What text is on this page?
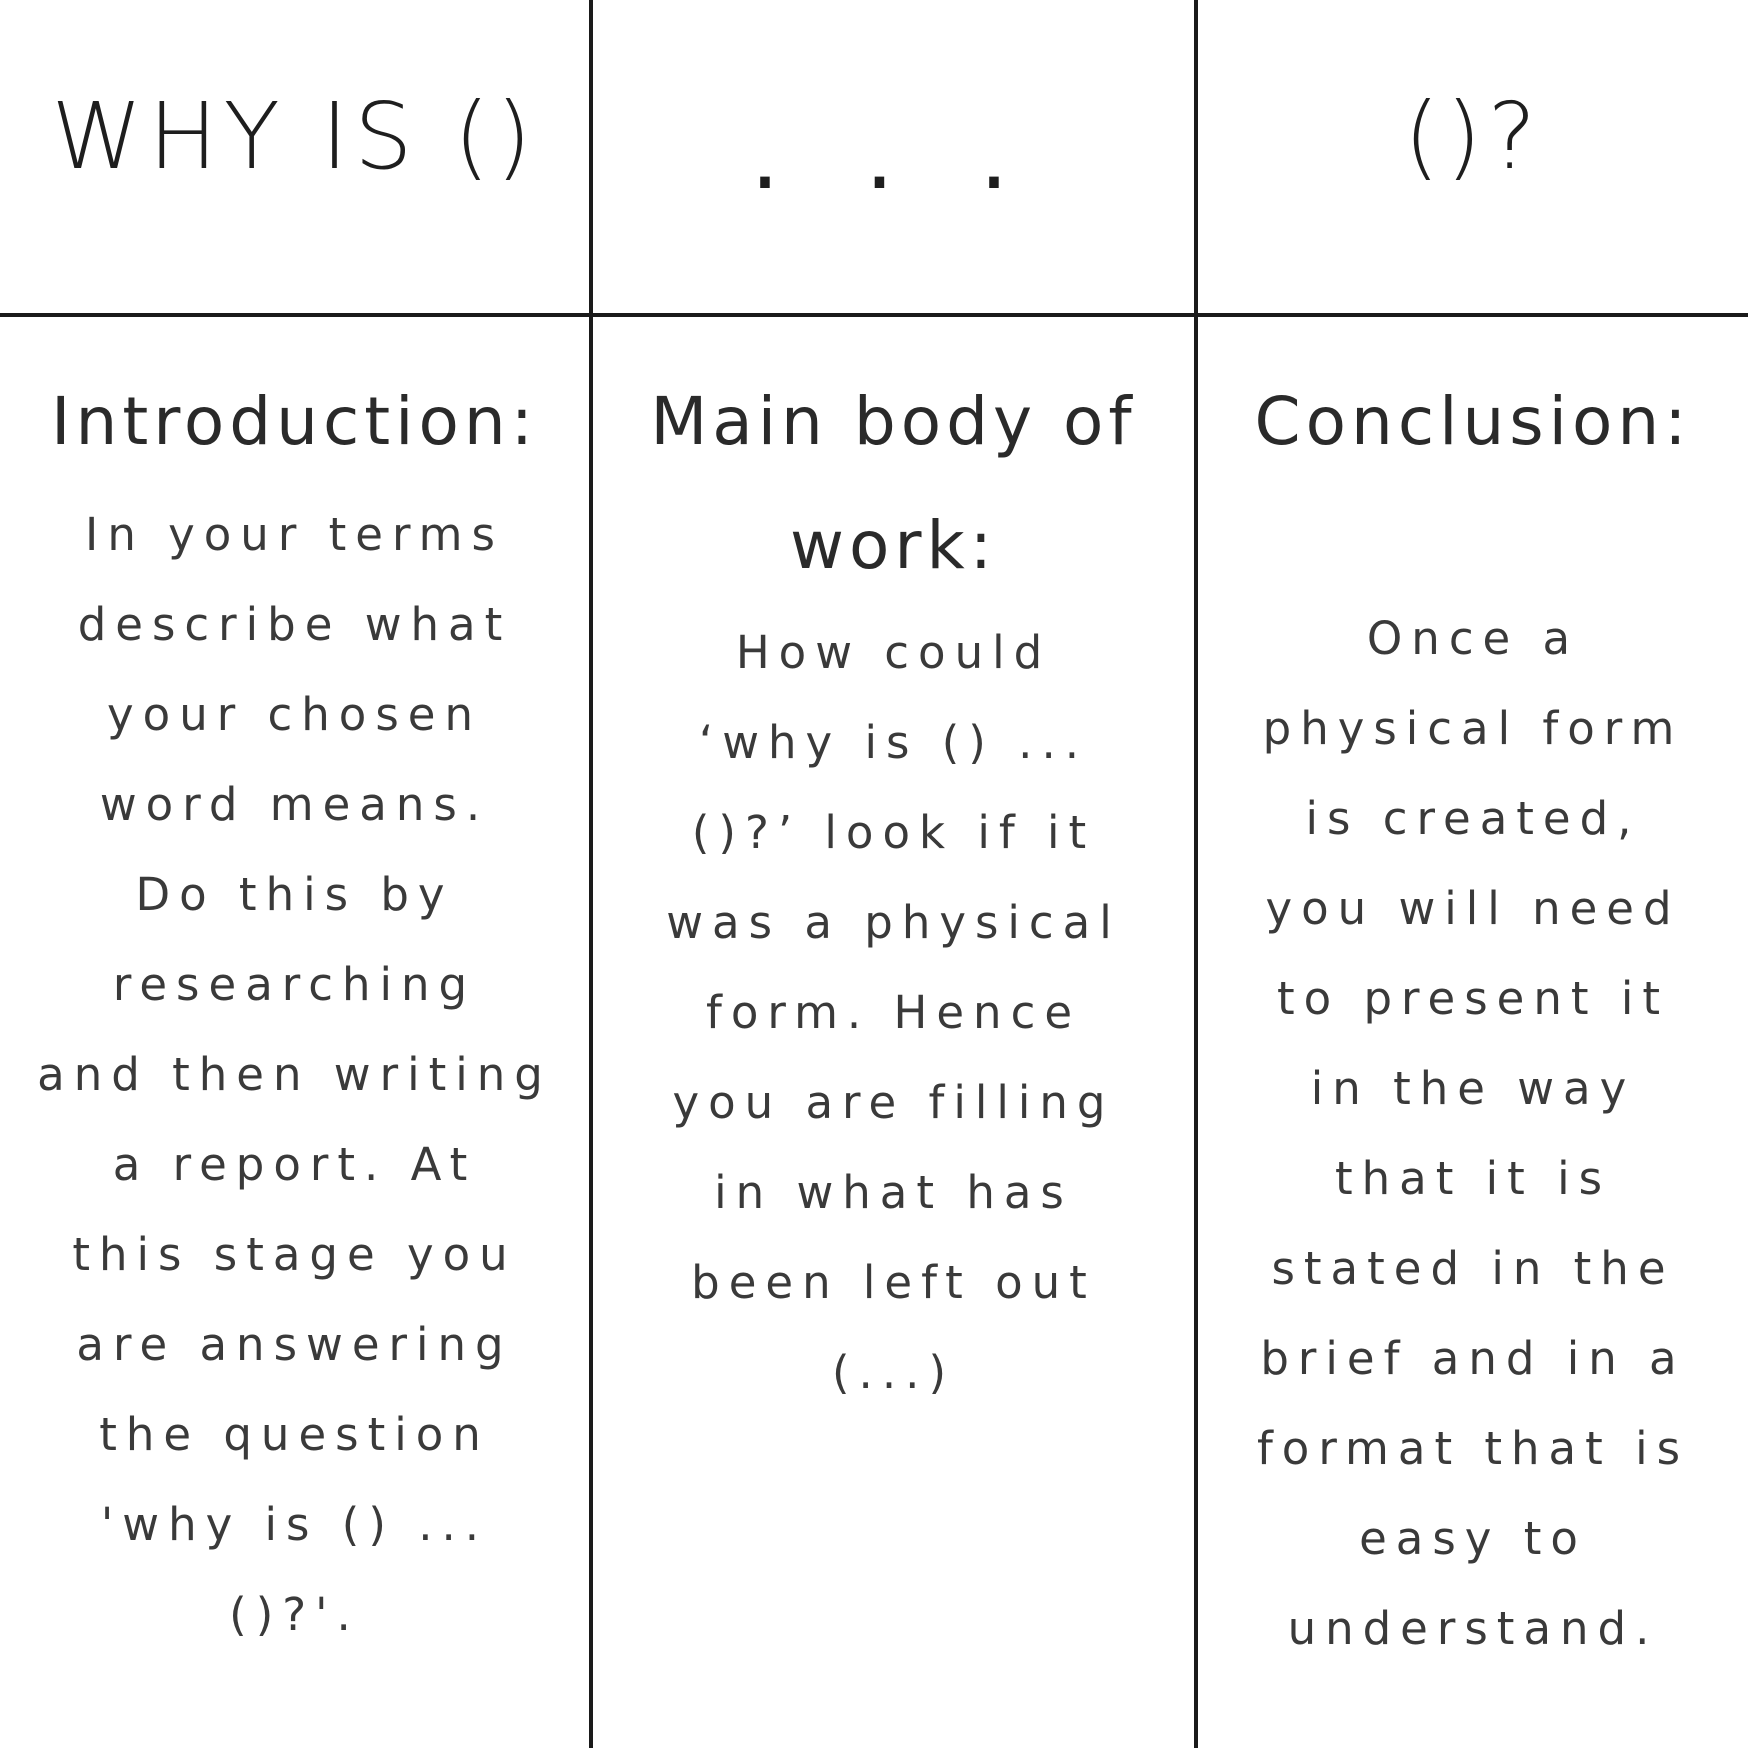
WHY IS () . . .	()?
Introduction:
In your terms
describe what
your chosen
word means.
Do this by
researching
and then writing
a report. At
this stage you
are answering
the question
'why is () ...
()?'.
Main body of work:
How could
‘why is () ...
()?’ look if it
was a physical
form. Hence
you are filling
in what has
been left out
(...)
Conclusion:
Once a
physical form
is created,
you will need
to present it
in the way
that it is
stated in the
brief and in a
format that is
easy to
understand.
